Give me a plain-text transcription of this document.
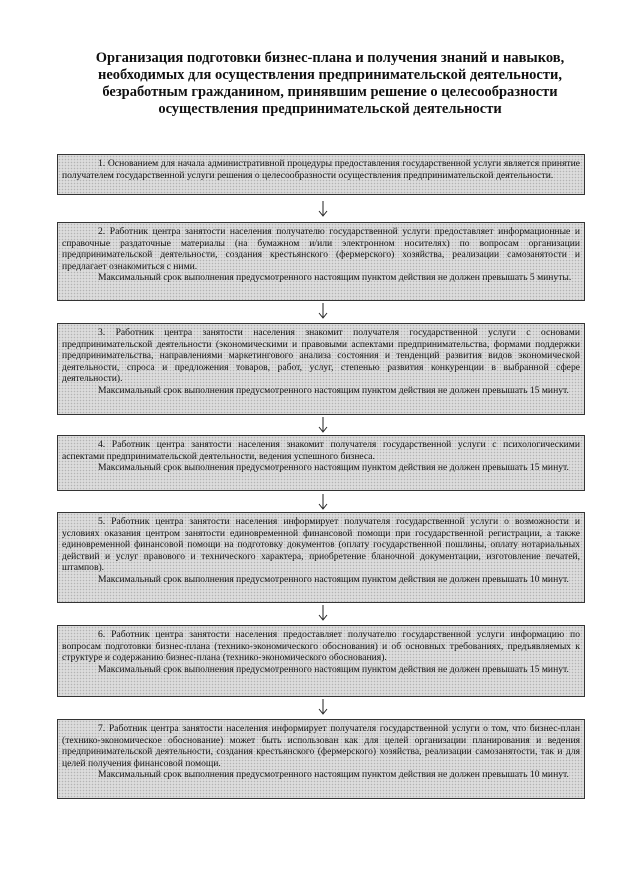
Организация подготовки бизнес-плана и получения знаний и навыков, необходимых для осуществления предпринимательской деятельности, безработным гражданином, принявшим решение о целесообразности осуществления предпринимательской деятельности

1. Основанием для начала административной процедуры предоставления государственной услуги является принятие получателем государственной услуги решения о целесообразности осуществления предпринимательской деятельности.

2. Работник центра занятости населения получателю государственной услуги предоставляет информационные и справочные раздаточные материалы (на бумажном и/или электронном носителях) по вопросам организации предпринимательской деятельности, создания крестьянского (фермерского) хозяйства, реализации самозанятости и предлагает ознакомиться с ними.

Максимальный срок выполнения предусмотренного настоящим пунктом действия не должен превышать 5 минуты.

3. Работник центра занятости населения знакомит получателя государственной услуги с основами предпринимательской деятельности (экономическими и правовыми аспектами предпринимательства, формами поддержки предпринимательства, направлениями маркетингового анализа состояния и тенденций развития видов экономической деятельности, спроса и предложения товаров, работ, услуг, степенью развития конкуренции в выбранной сфере деятельности).

Максимальный срок выполнения предусмотренного настоящим пунктом действия не должен превышать 15 минут.

4. Работник центра занятости населения знакомит получателя государственной услуги с психологическими аспектами предпринимательской деятельности, ведения успешного бизнеса.

Максимальный срок выполнения предусмотренного настоящим пунктом действия не должен превышать 15 минут.

5. Работник центра занятости населения информирует получателя государственной услуги о возможности и условиях оказания центром занятости единовременной финансовой помощи при государственной регистрации, а также единовременной финансовой помощи на подготовку документов (оплату государственной пошлины, оплату нотариальных действий и услуг правового и технического характера, приобретение бланочной документации, изготовление печатей, штампов).

Максимальный срок выполнения предусмотренного настоящим пунктом действия не должен превышать 10 минут.

6. Работник центра занятости населения предоставляет получателю государственной услуги информацию по вопросам подготовки бизнес-плана (технико-экономического обоснования) и об основных требованиях, предъявляемых к структуре и содержанию бизнес-плана (технико-экономического обоснования).

Максимальный срок выполнения предусмотренного настоящим пунктом действия не должен превышать 15 минут.

7. Работник центра занятости населения информирует получателя государственной услуги о том, что бизнес-план (технико-экономическое обоснование) может быть использован как для целей организации планирования и ведения предпринимательской деятельности, создания крестьянского (фермерского) хозяйства, реализации самозанятости, так и для целей получения финансовой помощи.

Максимальный срок выполнения предусмотренного настоящим пунктом действия не должен превышать 10 минут.
